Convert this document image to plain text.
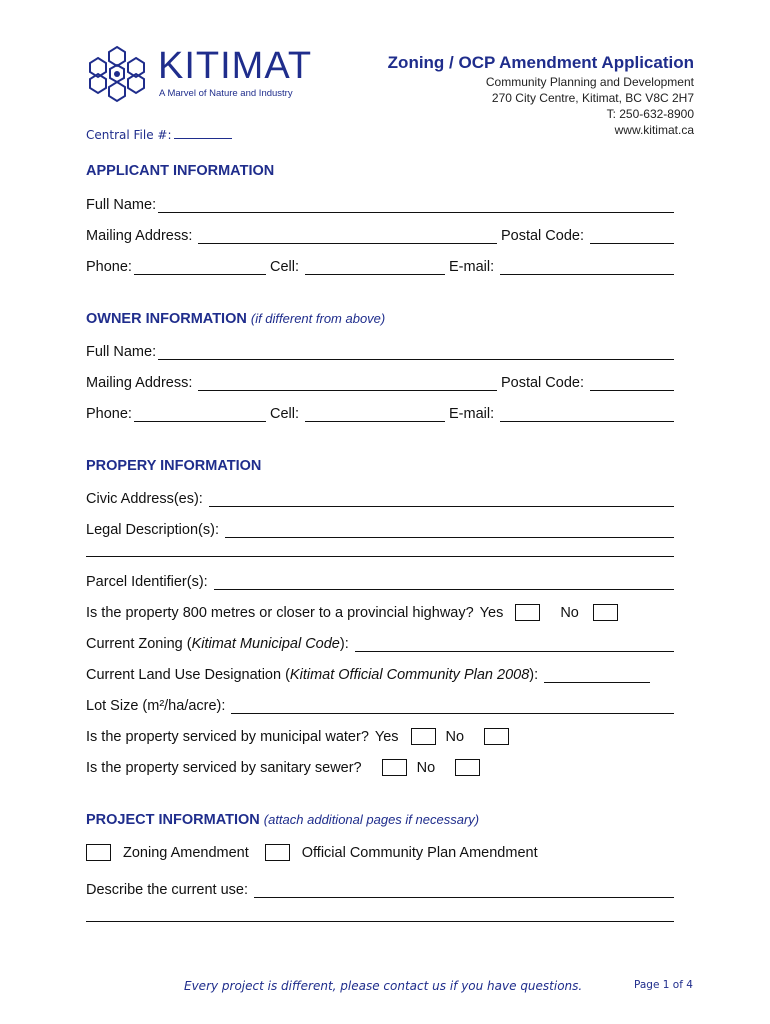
KITIMAT
A Marvel of Nature and Industry
Zoning / OCP Amendment Application
Community Planning and Development
270 City Centre, Kitimat, BC V8C 2H7
T: 250-632-8900
www.kitimat.ca
Central File #:
APPLICANT INFORMATION
Full Name:
Mailing Address:	Postal Code:
Phone:	Cell:	E-mail:
OWNER INFORMATION (if different from above)
Full Name:
Mailing Address:	Postal Code:
Phone:	Cell:	E-mail:
PROPERY INFORMATION
Civic Address(es):
Legal Description(s):
Parcel Identifier(s):
Is the property 800 metres or closer to a provincial highway? Yes	No
Current Zoning (Kitimat Municipal Code):
Current Land Use Designation (Kitimat Official Community Plan 2008):
Lot Size (m²/ha/acre):
Is the property serviced by municipal water? Yes	No
Is the property serviced by sanitary sewer?	No
PROJECT INFORMATION (attach additional pages if necessary)
Zoning Amendment	Official Community Plan Amendment
Describe the current use:
Every project is different, please contact us if you have questions.	Page 1 of 4
